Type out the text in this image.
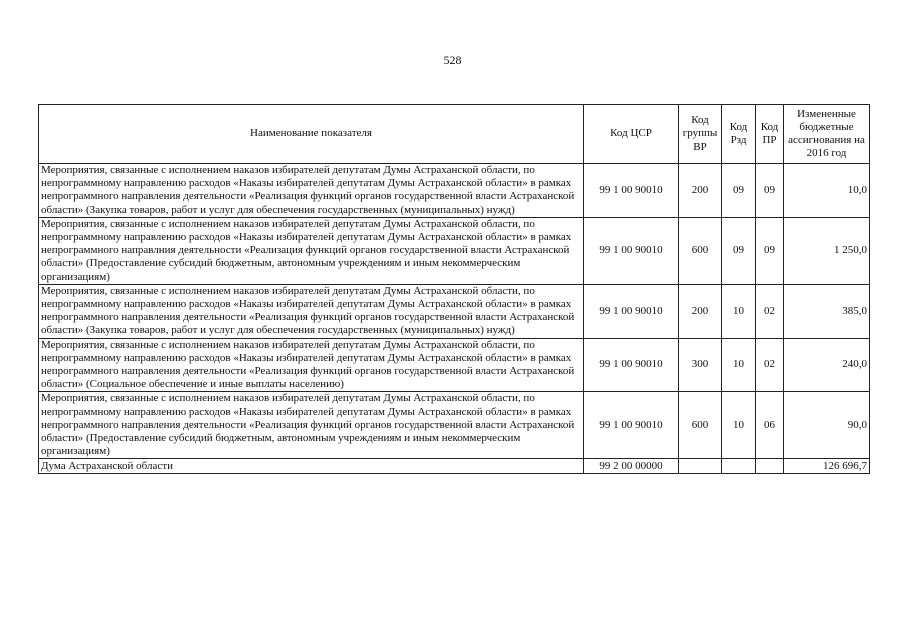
528
Наименование показателя	Код ЦСР	Код группы ВР	Код Рзд	Код ПР	Измененные бюджетные ассигнования на 2016 год
Мероприятия, связанные с исполнением наказов избирателей депутатам Думы Астраханской области, по непрограммному направлению расходов «Наказы избирателей депутатам Думы Астраханской области» в рамках непрограммного направления деятельности «Реализация функций органов государственной власти Астраханской области» (Закупка товаров, работ и услуг для обеспечения государственных (муниципальных) нужд)	99 1 00 90010	200	09	09	10,0
Мероприятия, связанные с исполнением наказов избирателей депутатам Думы Астраханской области, по непрограммному направлению расходов «Наказы избирателей депутатам Думы Астраханской области» в рамках непрограммного направлния деятельности «Реализация функций органов государственной власти Астраханской области» (Предоставление субсидий бюджетным, автономным учреждениям и иным некоммерческим организациям)	99 1 00 90010	600	09	09	1 250,0
Мероприятия, связанные с исполнением наказов избирателей депутатам Думы Астраханской области, по непрограммному направлению расходов «Наказы избирателей депутатам Думы Астраханской области» в рамках непрограммного направления деятельности «Реализация функций органов государственной власти Астраханской области» (Закупка товаров, работ и услуг для обеспечения государственных (муниципальных) нужд)	99 1 00 90010	200	10	02	385,0
Мероприятия, связанные с исполнением наказов избирателей депутатам Думы Астраханской области, по непрограммному направлению расходов «Наказы избирателей депутатам Думы Астраханской области» в рамках непрограммного направления деятельности «Реализация функций органов государственной власти Астраханской области» (Социальное обеспечение и иные выплаты населению)	99 1 00 90010	300	10	02	240,0
Мероприятия, связанные с исполнением наказов избирателей депутатам Думы Астраханской области, по непрограммному направлению расходов «Наказы избирателей депутатам Думы Астраханской области» в рамках непрограммного направления деятельности «Реализация функций органов государственной власти Астраханской области» (Предоставление субсидий бюджетным, автономным учреждениям и иным некоммерческим организациям)	99 1 00 90010	600	10	06	90,0
Дума Астраханской области	99 2 00 00000				126 696,7
